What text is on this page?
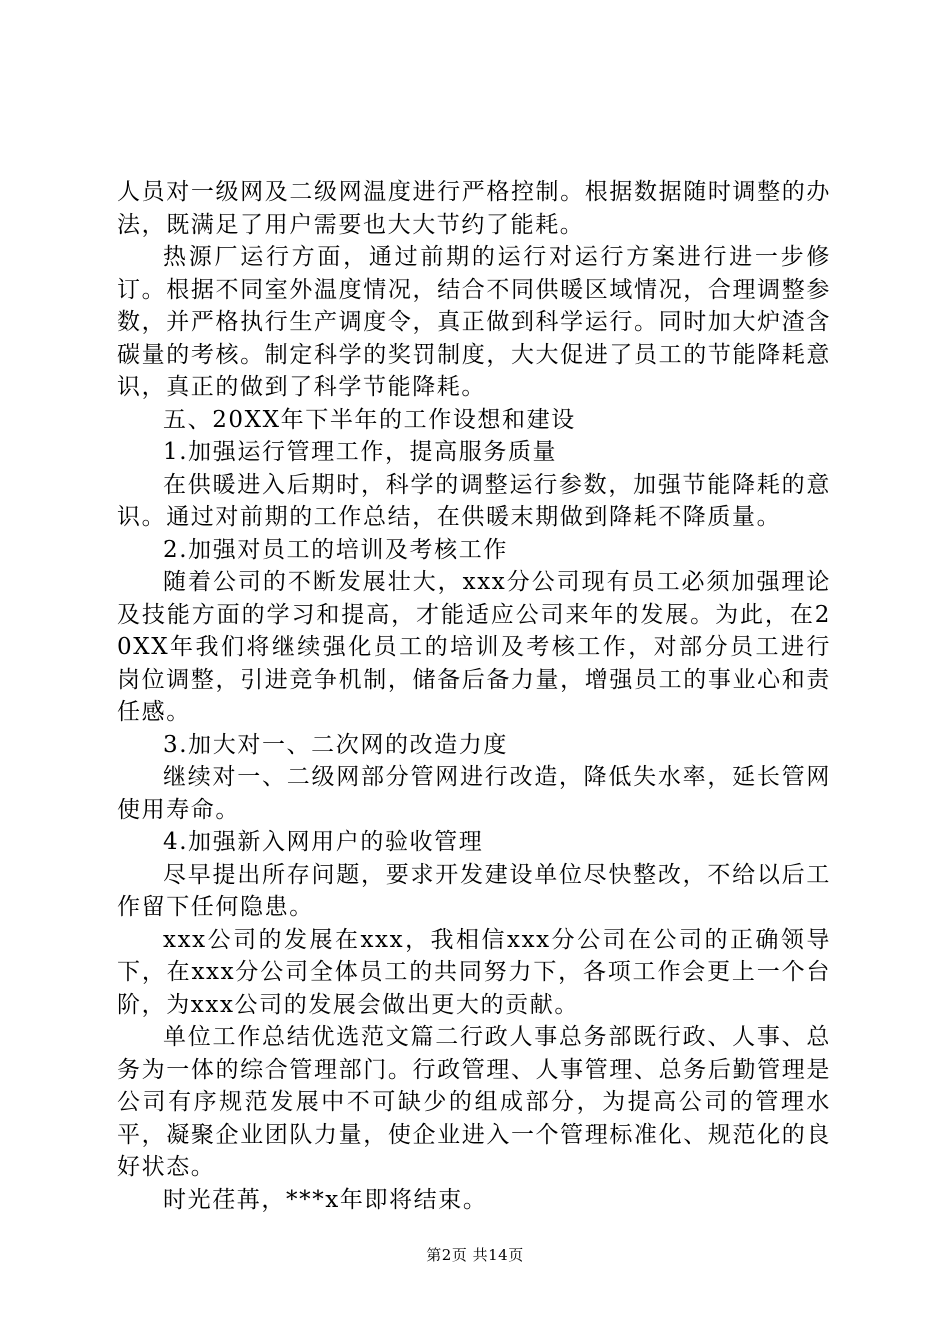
人员对一级网及二级网温度进行严格控制。根据数据随时调整的办法，既满足了用户需要也大大节约了能耗。

热源厂运行方面，通过前期的运行对运行方案进行进一步修订。根据不同室外温度情况，结合不同供暖区域情况，合理调整参数，并严格执行生产调度令，真正做到科学运行。同时加大炉渣含碳量的考核。制定科学的奖罚制度，大大促进了员工的节能降耗意识，真正的做到了科学节能降耗。

五、20XX年下半年的工作设想和建设

1.加强运行管理工作，提高服务质量

在供暖进入后期时，科学的调整运行参数，加强节能降耗的意识。通过对前期的工作总结，在供暖末期做到降耗不降质量。

2.加强对员工的培训及考核工作

随着公司的不断发展壮大，xxx分公司现有员工必须加强理论及技能方面的学习和提高，才能适应公司来年的发展。为此，在20XX年我们将继续强化员工的培训及考核工作，对部分员工进行岗位调整，引进竞争机制，储备后备力量，增强员工的事业心和责任感。

3.加大对一、二次网的改造力度

继续对一、二级网部分管网进行改造，降低失水率，延长管网使用寿命。

4.加强新入网用户的验收管理

尽早提出所存问题，要求开发建设单位尽快整改，不给以后工作留下任何隐患。

xxx公司的发展在xxx，我相信xxx分公司在公司的正确领导下，在xxx分公司全体员工的共同努力下，各项工作会更上一个台阶，为xxx公司的发展会做出更大的贡献。

单位工作总结优选范文篇二行政人事总务部既行政、人事、总务为一体的综合管理部门。行政管理、人事管理、总务后勤管理是公司有序规范发展中不可缺少的组成部分，为提高公司的管理水平，凝聚企业团队力量，使企业进入一个管理标准化、规范化的良好状态。

时光荏苒，***x年即将结束。

第2页 共14页
